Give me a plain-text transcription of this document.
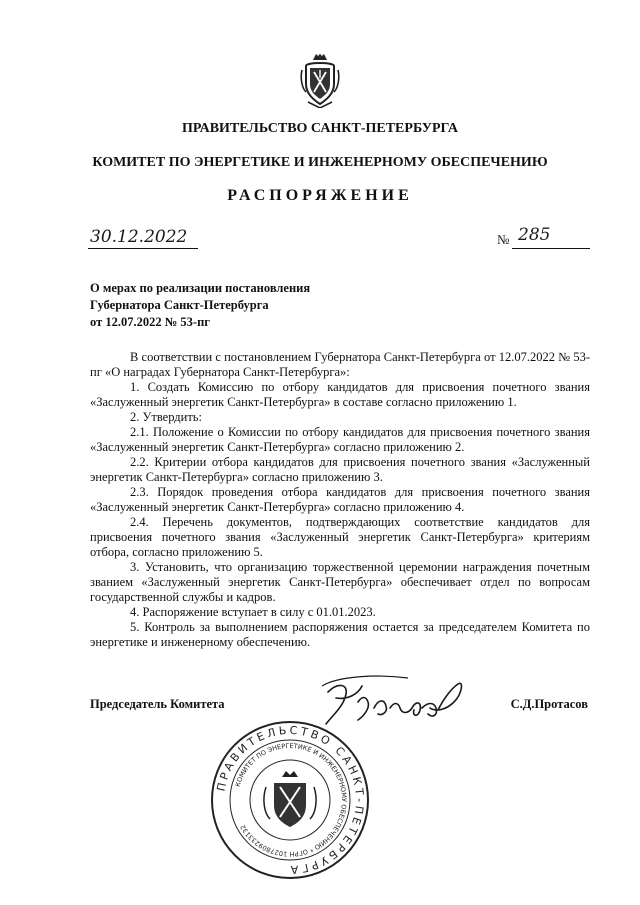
ПРАВИТЕЛЬСТВО САНКТ-ПЕТЕРБУРГА
КОМИТЕТ ПО ЭНЕРГЕТИКЕ И ИНЖЕНЕРНОМУ ОБЕСПЕЧЕНИЮ
РАСПОРЯЖЕНИЕ
30.12.2022	№ 285
О мерах по реализации постановления
Губернатора Санкт-Петербурга
от 12.07.2022 № 53-пг

В соответствии с постановлением Губернатора Санкт-Петербурга от 12.07.2022 № 53-пг «О наградах Губернатора Санкт-Петербурга»:

1. Создать Комиссию по отбору кандидатов для присвоения почетного звания «Заслуженный энергетик Санкт-Петербурга» в составе согласно приложению 1.

2. Утвердить:

2.1. Положение о Комиссии по отбору кандидатов для присвоения почетного звания «Заслуженный энергетик Санкт-Петербурга» согласно приложению 2.

2.2. Критерии отбора кандидатов для присвоения почетного звания «Заслуженный энергетик Санкт-Петербурга» согласно приложению 3.

2.3. Порядок проведения отбора кандидатов для присвоения почетного звания «Заслуженный энергетик Санкт-Петербурга» согласно приложению 4.

2.4. Перечень документов, подтверждающих соответствие кандидатов для присвоения почетного звания «Заслуженный энергетик Санкт-Петербурга» критериям отбора, согласно приложению 5.

3. Установить, что организацию торжественной церемонии награждения почетным званием «Заслуженный энергетик Санкт-Петербурга» обеспечивает отдел по вопросам государственной службы и кадров.

4. Распоряжение вступает в силу с 01.01.2023.

5. Контроль за выполнением распоряжения остается за председателем Комитета по энергетике и инженерному обеспечению.

Председатель Комитета	С.Д.Протасов
ПРАВИТЕЛЬСТВО САНКТ-ПЕТЕРБУРГА
КОМИТЕТ ПО ЭНЕРГЕТИКЕ И ИНЖЕНЕРНОМУ ОБЕСПЕЧЕНИЮ * ОГРН 1027809233132
